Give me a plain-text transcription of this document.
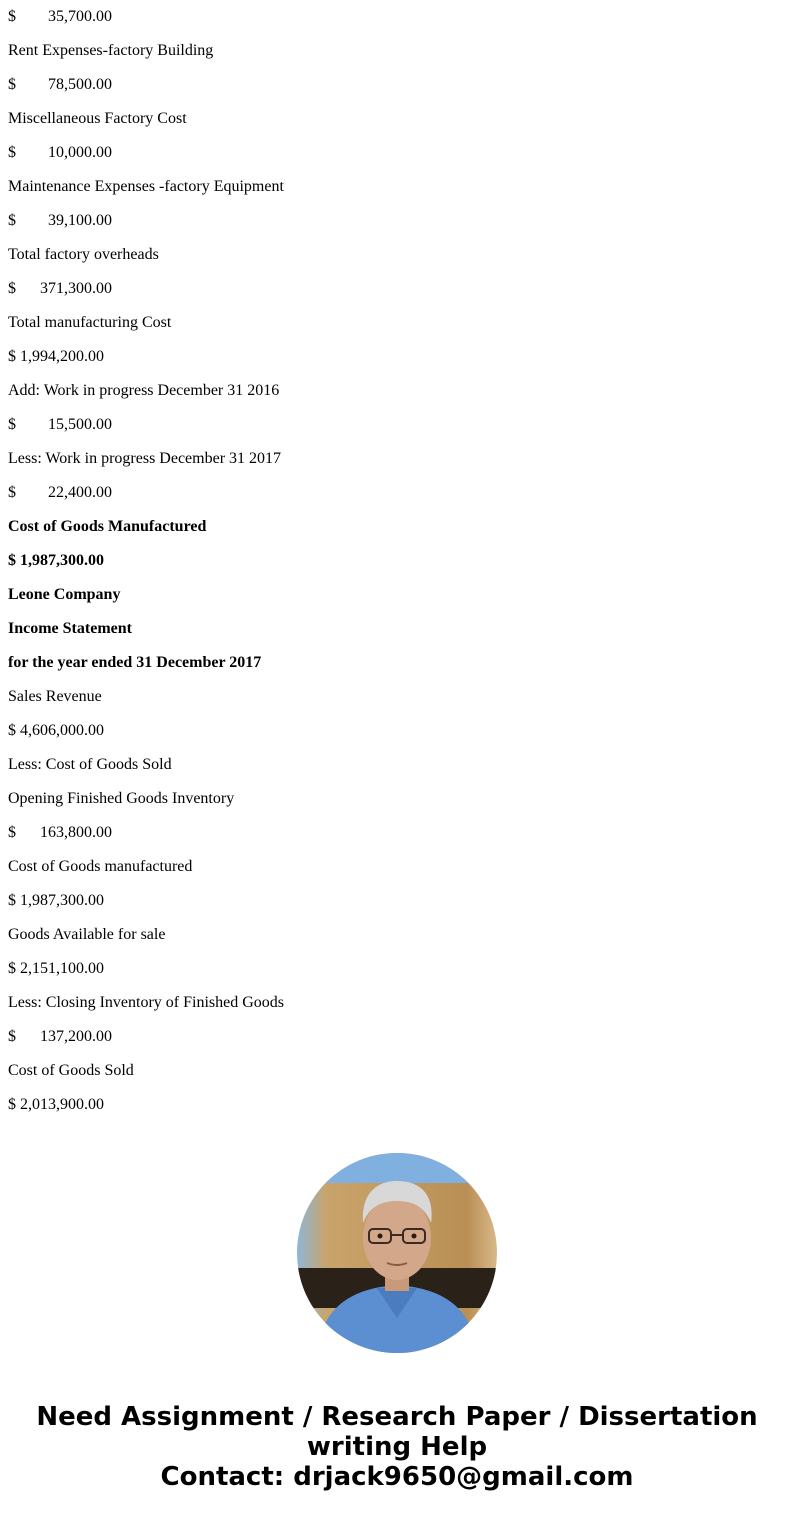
$        35,700.00
Rent Expenses-factory Building
$        78,500.00
Miscellaneous Factory Cost
$        10,000.00
Maintenance Expenses -factory Equipment
$        39,100.00
Total factory overheads
$      371,300.00
Total manufacturing Cost
$ 1,994,200.00
Add: Work in progress December 31 2016
$        15,500.00
Less: Work in progress December 31 2017
$        22,400.00
Cost of Goods Manufactured
$ 1,987,300.00
Leone Company
Income Statement
for the year ended 31 December 2017
Sales Revenue
$ 4,606,000.00
Less: Cost of Goods Sold
Opening Finished Goods Inventory
$      163,800.00
Cost of Goods manufactured
$ 1,987,300.00
Goods Available for sale
$ 2,151,100.00
Less: Closing Inventory of Finished Goods
$      137,200.00
Cost of Goods Sold
$ 2,013,900.00
Need Assignment / Research Paper / Dissertation
writing Help
Contact: drjack9650@gmail.com
